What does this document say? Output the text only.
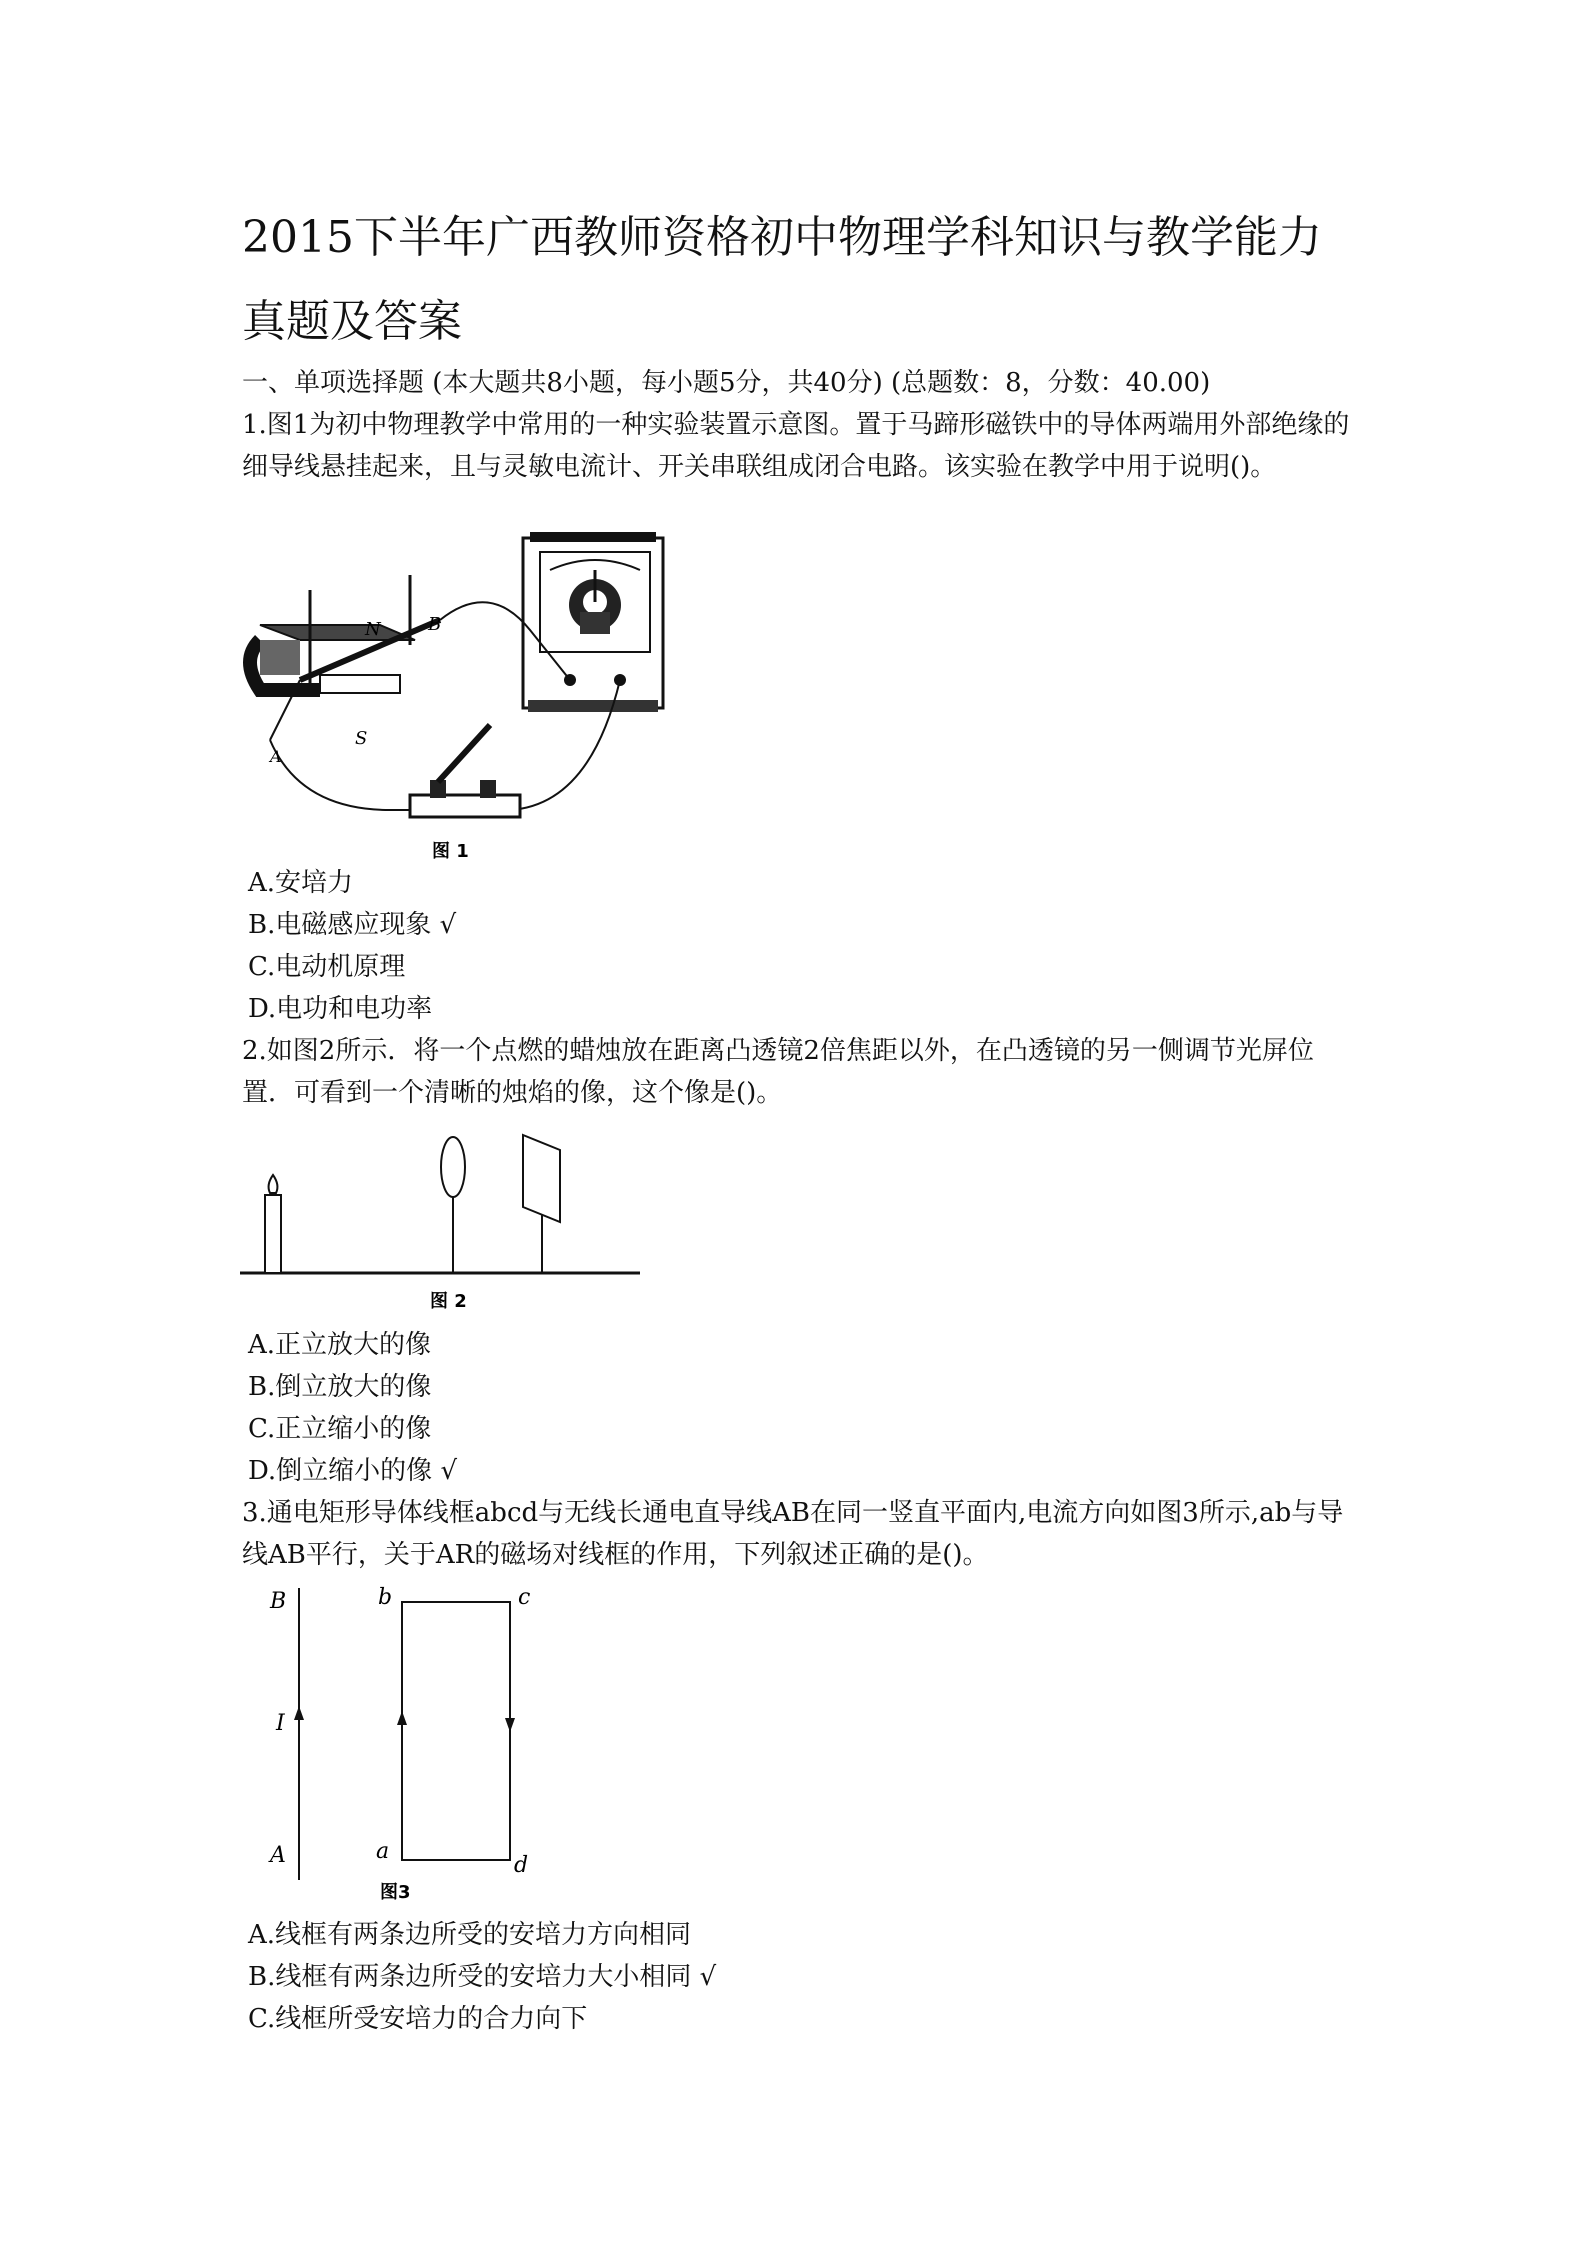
2015下半年广西教师资格初中物理学科知识与教学能力真题及答案
一、单项选择题 (本大题共8小题，每小题5分，共40分) (总题数：8，分数：40.00)
1.图1为初中物理教学中常用的一种实验装置示意图。置于马蹄形磁铁中的导体两端用外部绝缘的细导线悬挂起来，且与灵敏电流计、开关串联组成闭合电路。该实验在教学中用于说明()。
N	B
A
S
图 1
A.安培力
B.电磁感应现象 √
C.电动机原理
D.电功和电功率
2.如图2所示．将一个点燃的蜡烛放在距离凸透镜2倍焦距以外，在凸透镜的另一侧调节光屏位置．可看到一个清晰的烛焰的像，这个像是()。
图 2
A.正立放大的像
B.倒立放大的像
C.正立缩小的像
D.倒立缩小的像 √
3.通电矩形导体线框abcd与无线长通电直导线AB在同一竖直平面内,电流方向如图3所示,ab与导线AB平行，关于AR的磁场对线框的作用，下列叙述正确的是()。
B	b	c
I
A	a
d
图3
A.线框有两条边所受的安培力方向相同
B.线框有两条边所受的安培力大小相同 √
C.线框所受安培力的合力向下
